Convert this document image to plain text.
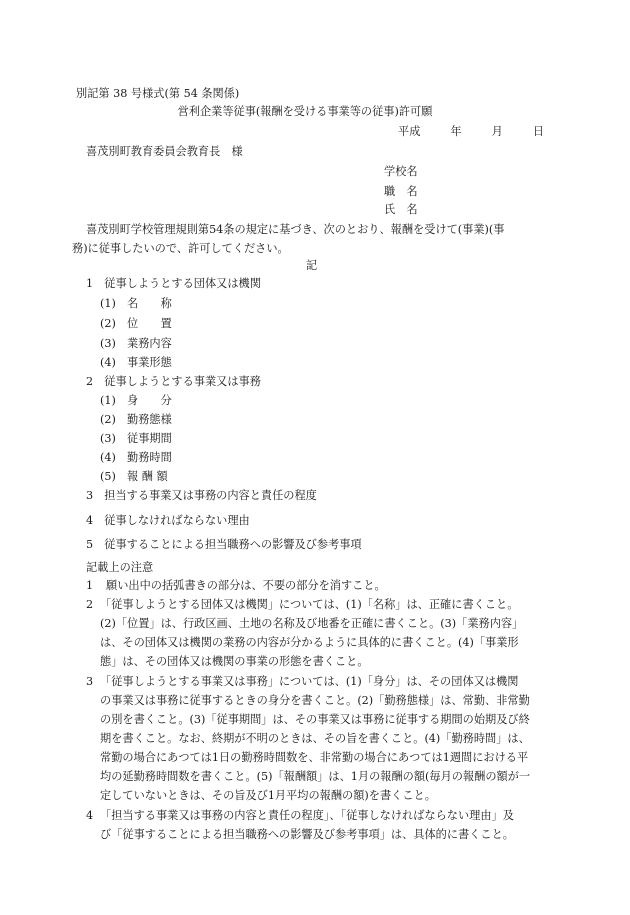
別記第 38 号様式(第 54 条関係)
営利企業等従事(報酬を受ける事業等の従事)許可願
平成	年	月	日
喜茂別町教育委員会教育長　様
学校名
職　名
氏　名
喜茂別町学校管理規則第54条の規定に基づき、次のとおり、報酬を受けて(事業)(事
務)に従事したいので、許可してください。
記
1　従事しようとする団体又は機関
(1)　名　　称
(2)　位　　置
(3)　業務内容
(4)　事業形態
2　従事しようとする事業又は事務
(1)　身　　分
(2)　勤務態様
(3)　従事期間
(4)　勤務時間
(5)　報 酬 額
3　担当する事業又は事務の内容と責任の程度
4　従事しなければならない理由
5　従事することによる担当職務への影響及び参考事項
記載上の注意
1	願い出中の括弧書きの部分は、不要の部分を消すこと。
2 「従事しようとする団体又は機関」については、(1)「名称」は、正確に書くこと。
(2)「位置」は、行政区画、土地の名称及び地番を正確に書くこと。(3)「業務内容」
は、その団体又は機関の業務の内容が分かるように具体的に書くこと。(4)「事業形
態」は、その団体又は機関の事業の形態を書くこと。
3 「従事しようとする事業又は事務」については、(1)「身分」は、その団体又は機関
の事業又は事務に従事するときの身分を書くこと。(2)「勤務態様」は、常勤、非常勤
の別を書くこと。(3)「従事期間」は、その事業又は事務に従事する期間の始期及び終
期を書くこと。なお、終期が不明のときは、その旨を書くこと。(4)「勤務時間」は、
常勤の場合にあつては1日の勤務時間数を、非常勤の場合にあつては1週間における平
均の延勤務時間数を書くこと。(5)「報酬額」は、1月の報酬の額(毎月の報酬の額が一
定していないときは、その旨及び1月平均の報酬の額)を書くこと。
4 「担当する事業又は事務の内容と責任の程度」、「従事しなければならない理由」及
び「従事することによる担当職務への影響及び参考事項」は、具体的に書くこと。
